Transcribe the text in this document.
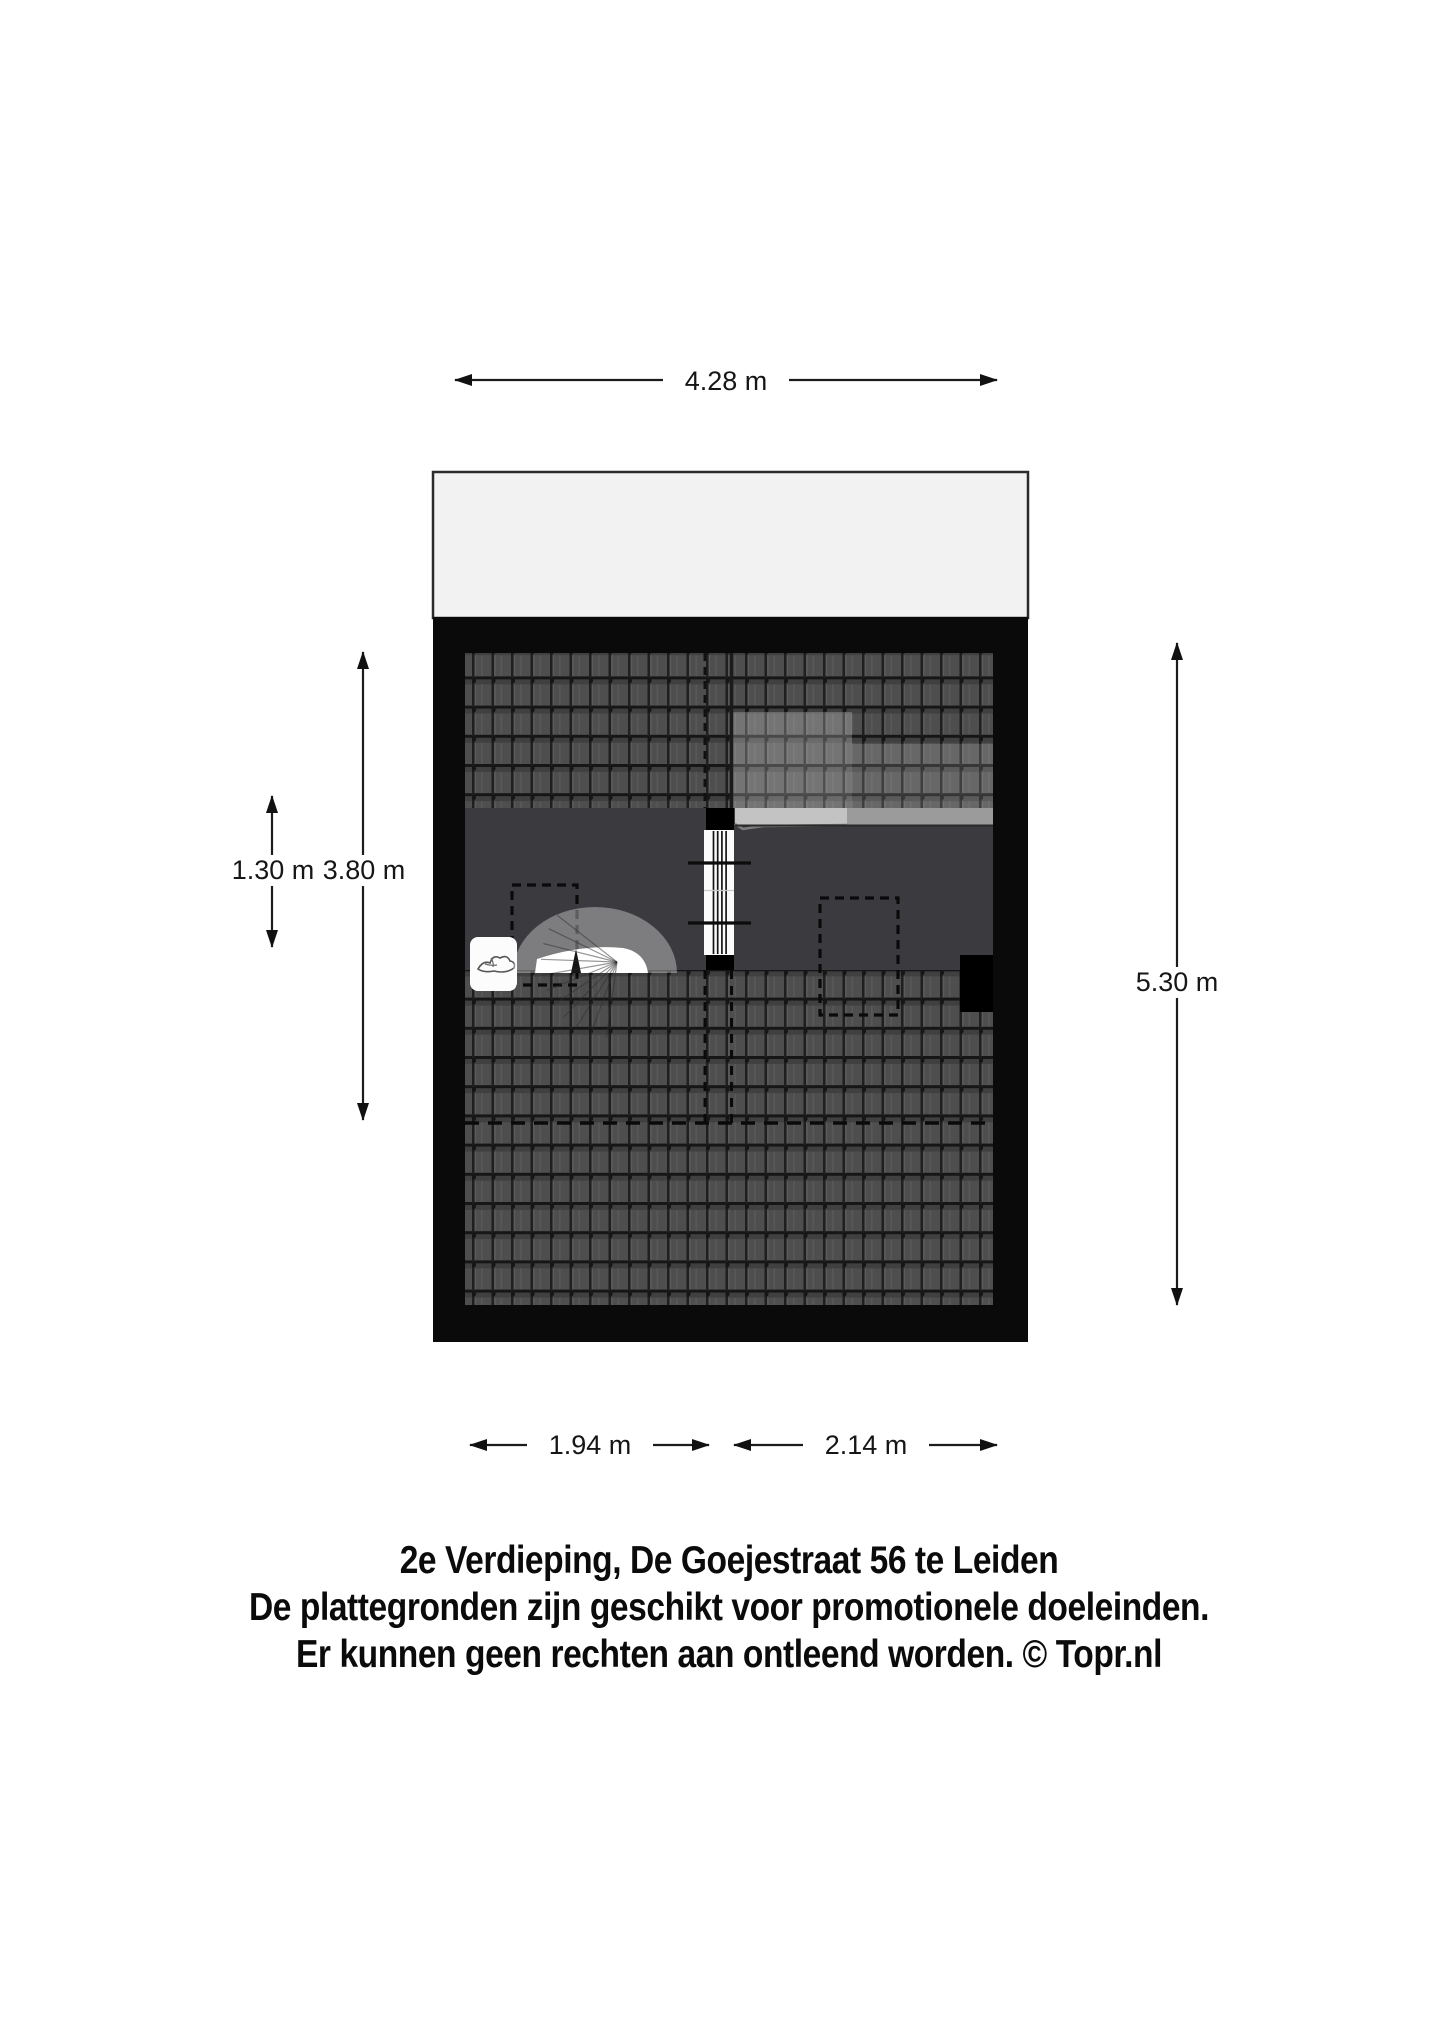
4.28 m
1.30 m 3.80 m
5.30 m
1.94 m	2.14 m
2e Verdieping, De Goejestraat 56 te Leiden
De plattegronden zijn geschikt voor promotionele doeleinden.
Er kunnen geen rechten aan ontleend worden. © Topr.nl
